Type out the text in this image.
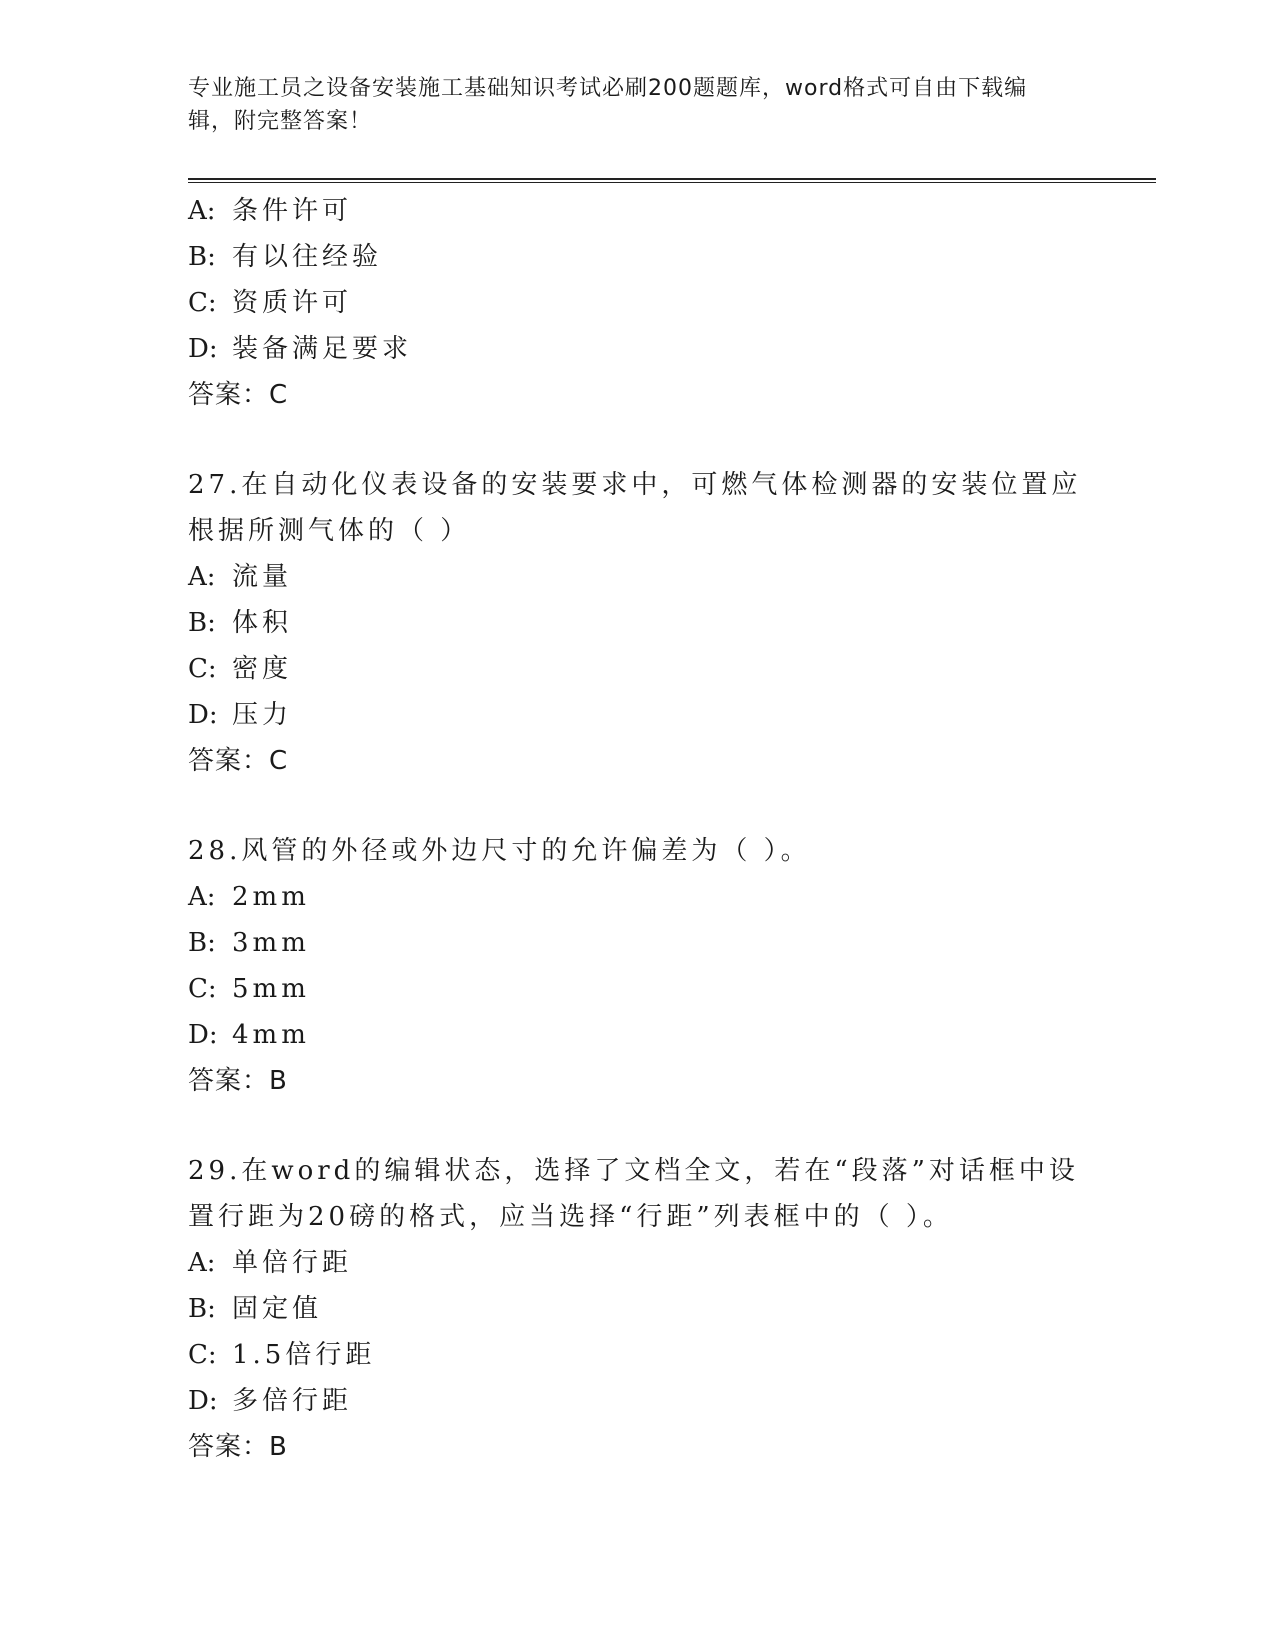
专业施工员之设备安装施工基础知识考试必刷200题题库，word格式可自由下载编辑，附完整答案！
A: 条件许可
B: 有以往经验
C: 资质许可
D: 装备满足要求
答案：C
27.在自动化仪表设备的安装要求中，可燃气体检测器的安装位置应根据所测气体的（ ）
A: 流量
B: 体积
C: 密度
D: 压力
答案：C
28.风管的外径或外边尺寸的允许偏差为（ ）。
A: 2mm
B: 3mm
C: 5mm
D: 4mm
答案：B
29.在word的编辑状态，选择了文档全文，若在“段落”对话框中设置行距为20磅的格式，应当选择“行距”列表框中的（ ）。
A: 单倍行距
B: 固定值
C: 1.5倍行距
D: 多倍行距
答案：B
